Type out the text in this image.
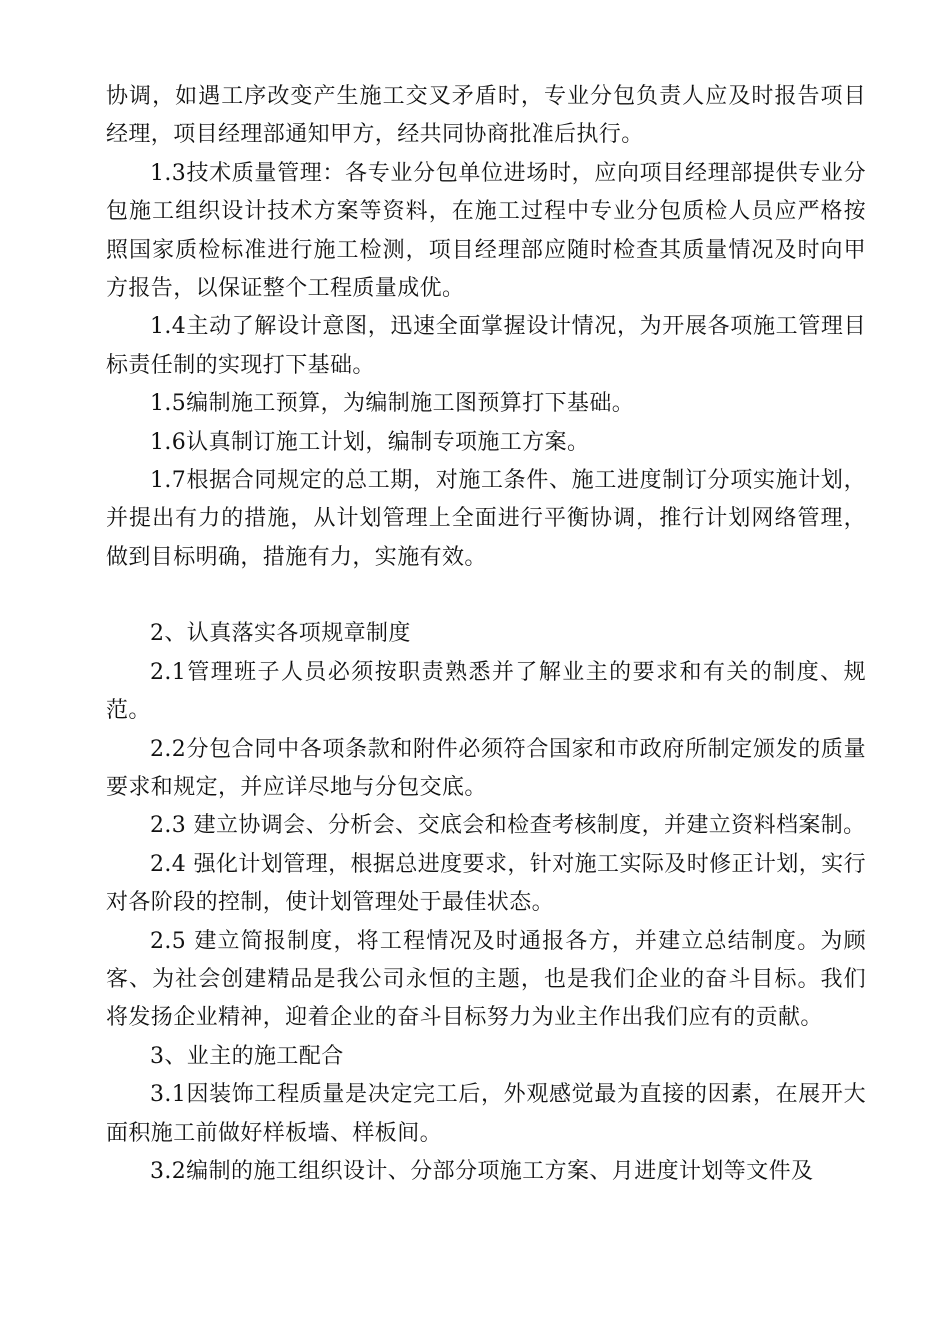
协调，如遇工序改变产生施工交叉矛盾时，专业分包负责人应及时报告项目经理，项目经理部通知甲方，经共同协商批准后执行。

1.3技术质量管理：各专业分包单位进场时，应向项目经理部提供专业分包施工组织设计技术方案等资料，在施工过程中专业分包质检人员应严格按照国家质检标准进行施工检测，项目经理部应随时检查其质量情况及时向甲方报告，以保证整个工程质量成优。

1.4主动了解设计意图，迅速全面掌握设计情况，为开展各项施工管理目标责任制的实现打下基础。

1.5编制施工预算，为编制施工图预算打下基础。

1.6认真制订施工计划，编制专项施工方案。

1.7根据合同规定的总工期，对施工条件、施工进度制订分项实施计划，并提出有力的措施，从计划管理上全面进行平衡协调，推行计划网络管理，做到目标明确，措施有力，实施有效。

2、认真落实各项规章制度

2.1管理班子人员必须按职责熟悉并了解业主的要求和有关的制度、规范。

2.2分包合同中各项条款和附件必须符合国家和市政府所制定颁发的质量要求和规定，并应详尽地与分包交底。

2.3 建立协调会、分析会、交底会和检查考核制度，并建立资料档案制。

2.4 强化计划管理，根据总进度要求，针对施工实际及时修正计划，实行对各阶段的控制，使计划管理处于最佳状态。

2.5 建立简报制度，将工程情况及时通报各方，并建立总结制度。为顾客、为社会创建精品是我公司永恒的主题，也是我们企业的奋斗目标。我们将发扬企业精神，迎着企业的奋斗目标努力为业主作出我们应有的贡献。

3、业主的施工配合

3.1因装饰工程质量是决定完工后，外观感觉最为直接的因素，在展开大面积施工前做好样板墙、样板间。

3.2编制的施工组织设计、分部分项施工方案、月进度计划等文件及
